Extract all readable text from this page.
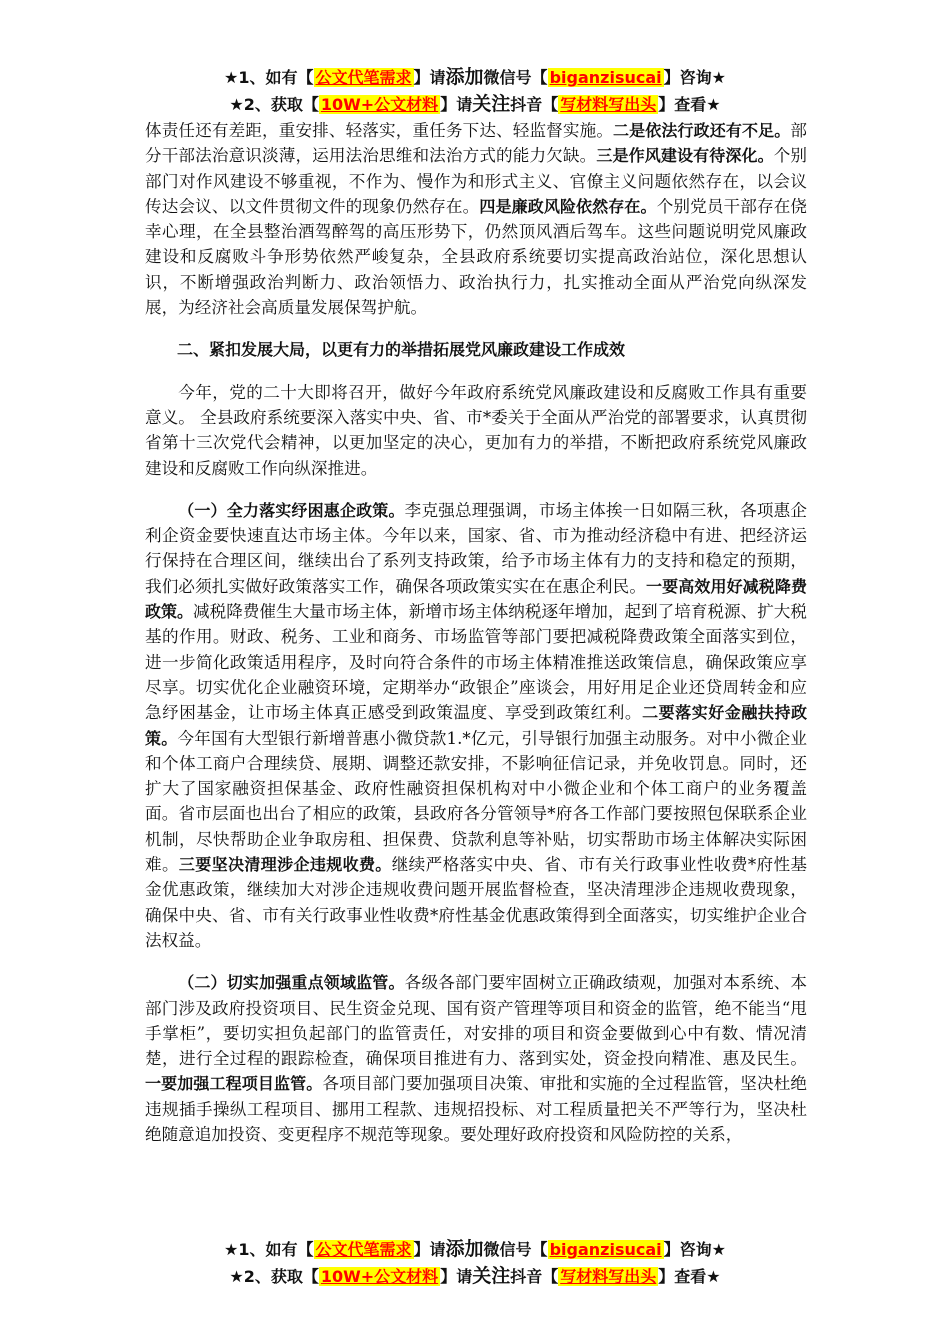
★1、如有【 公文代笔需求 】请添加微信号【 biganzisucai 】咨询★
★2、获取【 10W+公文材料 】请关注抖音【 写材料写出头 】查看★

体责任还有差距，重安排、轻落实，重任务下达、轻监督实施。二是依法行政还有不足。部分干部法治意识淡薄，运用法治思维和法治方式的能力欠缺。三是作风建设有待深化。个别部门对作风建设不够重视，不作为、慢作为和形式主义、官僚主义问题依然存在，以会议传达会议、以文件贯彻文件的现象仍然存在。四是廉政风险依然存在。个别党员干部存在侥幸心理，在全县整治酒驾醉驾的高压形势下，仍然顶风酒后驾车。这些问题说明党风廉政建设和反腐败斗争形势依然严峻复杂，全县政府系统要切实提高政治站位，深化思想认识，不断增强政治判断力、政治领悟力、政治执行力，扎实推动全面从严治党向纵深发展，为经济社会高质量发展保驾护航。

二、紧扣发展大局，以更有力的举措拓展党风廉政建设工作成效

今年，党的二十大即将召开，做好今年政府系统党风廉政建设和反腐败工作具有重要意义。 全县政府系统要深入落实中央、省、市*委关于全面从严治党的部署要求，认真贯彻省第十三次党代会精神，以更加坚定的决心，更加有力的举措，不断把政府系统党风廉政建设和反腐败工作向纵深推进。

（一）全力落实纾困惠企政策。李克强总理强调，市场主体挨一日如隔三秋，各项惠企利企资金要快速直达市场主体。今年以来，国家、省、市为推动经济稳中有进、把经济运行保持在合理区间，继续出台了系列支持政策，给予市场主体有力的支持和稳定的预期，我们必须扎实做好政策落实工作，确保各项政策实实在在惠企利民。一要高效用好减税降费政策。减税降费催生大量市场主体，新增市场主体纳税逐年增加，起到了培育税源、扩大税基的作用。财政、税务、工业和商务、市场监管等部门要把减税降费政策全面落实到位，进一步简化政策适用程序，及时向符合条件的市场主体精准推送政策信息，确保政策应享尽享。切实优化企业融资环境，定期举办“政银企”座谈会，用好用足企业还贷周转金和应急纾困基金，让市场主体真正感受到政策温度、享受到政策红利。二要落实好金融扶持政策。今年国有大型银行新增普惠小微贷款1.*亿元，引导银行加强主动服务。对中小微企业和个体工商户合理续贷、展期、调整还款安排，不影响征信记录，并免收罚息。同时，还扩大了国家融资担保基金、政府性融资担保机构对中小微企业和个体工商户的业务覆盖面。省市层面也出台了相应的政策，县政府各分管领导*府各工作部门要按照包保联系企业机制，尽快帮助企业争取房租、担保费、贷款利息等补贴，切实帮助市场主体解决实际困难。三要坚决清理涉企违规收费。继续严格落实中央、省、市有关行政事业性收费*府性基金优惠政策，继续加大对涉企违规收费问题开展监督检查，坚决清理涉企违规收费现象，确保中央、省、市有关行政事业性收费*府性基金优惠政策得到全面落实，切实维护企业合法权益。

（二）切实加强重点领域监管。各级各部门要牢固树立正确政绩观，加强对本系统、本部门涉及政府投资项目、民生资金兑现、国有资产管理等项目和资金的监管，绝不能当“甩手掌柜”，要切实担负起部门的监管责任，对安排的项目和资金要做到心中有数、情况清楚，进行全过程的跟踪检查，确保项目推进有力、落到实处，资金投向精准、惠及民生。一要加强工程项目监管。各项目部门要加强项目决策、审批和实施的全过程监管，坚决杜绝违规插手操纵工程项目、挪用工程款、违规招投标、对工程质量把关不严等行为，坚决杜绝随意追加投资、变更程序不规范等现象。要处理好政府投资和风险防控的关系，

★1、如有【 公文代笔需求 】请添加微信号【 biganzisucai 】咨询★
★2、获取【 10W+公文材料 】请关注抖音【 写材料写出头 】查看★
